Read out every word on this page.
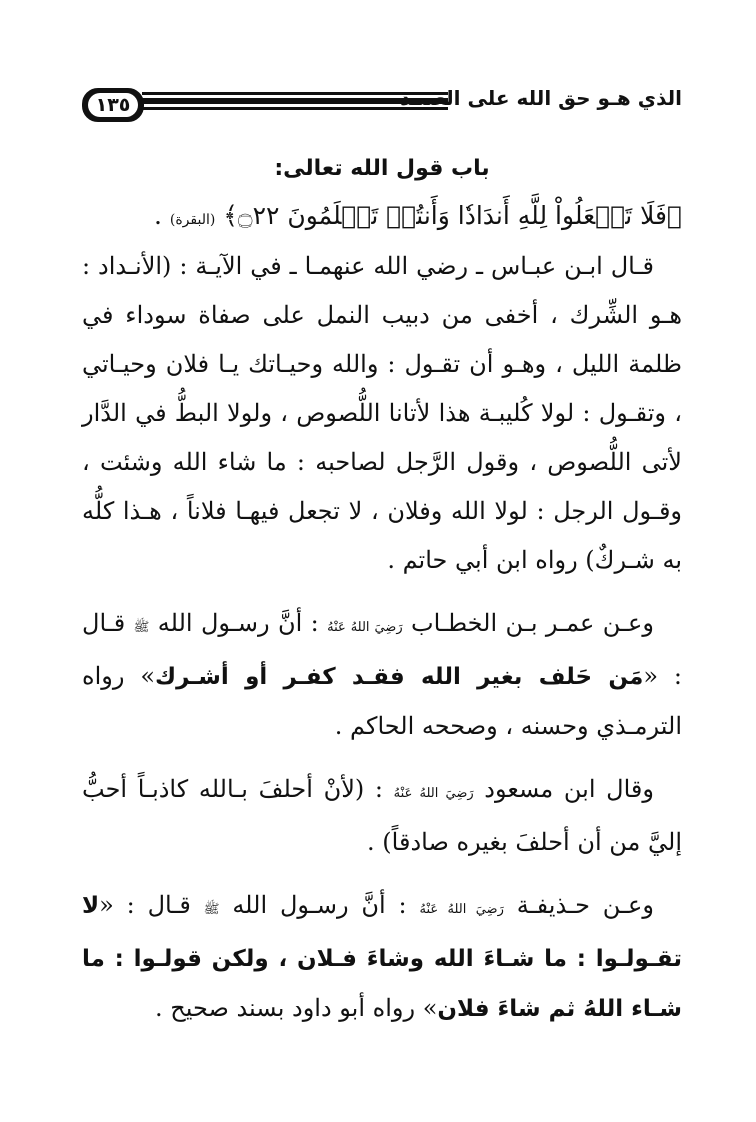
١٣٥	الذي هـو حق الله على العبيـد
باب قول الله تعالى:

﴿فَلَا تَجۡعَلُواْ لِلَّهِ أَندَادٗا وَأَنتُمۡ تَعۡلَمُونَ ۝٢٢﴾ (البقرة) .

قـال ابـن عبـاس ـ رضي الله عنهمـا ـ في الآيـة : (الأنـداد : هـو الشِّرك ، أخفى من دبيب النمل على صفاة سوداء في ظلمة الليل ، وهـو أن تقـول : والله وحيـاتك يـا فلان وحيـاتي ، وتقـول : لولا كُليبـة هذا لأتانا اللُّصوص ، ولولا البطُّ في الدَّار لأتى اللُّصوص ، وقول الرَّجل لصاحبه : ما شاء الله وشئت ، وقـول الرجل : لولا الله وفلان ، لا تجعل فيهـا فلاناً ، هـذا كلُّه به شـركٌ) رواه ابن أبي حاتم .

وعـن عمـر بـن الخطـاب رَضِيَ اللهُ عَنْهُ : أنَّ رسـول الله ﷺ قـال : «مَن حَلف بغير الله فقـد كفـر أو أشـرك» رواه الترمـذي وحسنه ، وصححه الحاكم .

وقال ابن مسعود رَضِيَ اللهُ عَنْهُ : (لأنْ أحلفَ بـالله كاذبـاً أحبُّ إليَّ من أن أحلفَ بغيره صادقاً) .

وعـن حـذيفـة رَضِيَ اللهُ عَنْهُ : أنَّ رسـول الله ﷺ قـال : «لا تقـولـوا : ما شـاءَ الله وشاءَ فـلان ، ولكن قولـوا : ما شـاء اللهُ ثم شاءَ فلان» رواه أبو داود بسند صحيح .
